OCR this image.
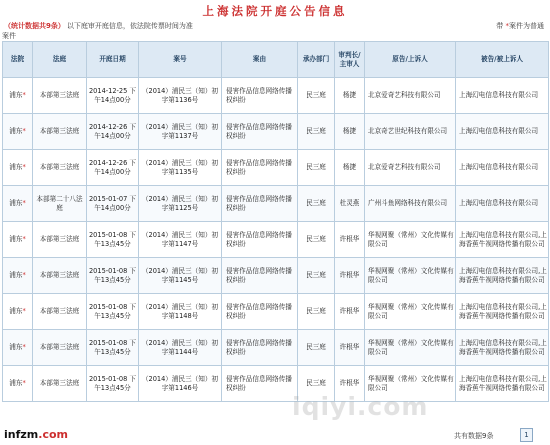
上海法院开庭公告信息
（统计数据共9条） 以下庭审开庭信息，依法院传票时间为准	带 *案件为普通
案件
法院	法庭	开庭日期	案号	案由	承办部门	审判长/主审人	原告/上诉人	被告/被上诉人
浦东*	本部第三法庭	2014-12-25 下午14点00分	（2014）浦民三（知）初字第1136号	侵害作品信息网络传播权纠纷	民三庭	杨捷	北京爱奇艺科技有限公司	上海幻电信息科技有限公司
浦东*	本部第三法庭	2014-12-26 下午14点00分	（2014）浦民三（知）初字第1137号	侵害作品信息网络传播权纠纷	民三庭	杨捷	北京奇艺世纪科技有限公司	上海幻电信息科技有限公司
浦东*	本部第三法庭	2014-12-26 下午14点00分	（2014）浦民三（知）初字第1135号	侵害作品信息网络传播权纠纷	民三庭	杨捷	北京爱奇艺科技有限公司	上海幻电信息科技有限公司
浦东*	本部第二十八法庭	2015-01-07 下午14点00分	（2014）浦民三（知）初字第1125号	侵害作品信息网络传播权纠纷	民三庭	杜灵燕	广州斗鱼网络科技有限公司	上海幻电信息科技有限公司
浦东*	本部第三法庭	2015-01-08 下午13点45分	（2014）浦民三（知）初字第1147号	侵害作品信息网络传播权纠纷	民三庭	许根华	华视网聚（常州）文化传媒有限公司	上海幻电信息科技有限公司,上海香蕉牛视网络传播有限公司
浦东*	本部第三法庭	2015-01-08 下午13点45分	（2014）浦民三（知）初字第1145号	侵害作品信息网络传播权纠纷	民三庭	许根华	华视网聚（常州）文化传媒有限公司	上海幻电信息科技有限公司,上海香蕉牛视网络传播有限公司
浦东*	本部第三法庭	2015-01-08 下午13点45分	（2014）浦民三（知）初字第1148号	侵害作品信息网络传播权纠纷	民三庭	许根华	华视网聚（常州）文化传媒有限公司	上海幻电信息科技有限公司,上海香蕉牛视网络传播有限公司
浦东*	本部第三法庭	2015-01-08 下午13点45分	（2014）浦民三（知）初字第1144号	侵害作品信息网络传播权纠纷	民三庭	许根华	华视网聚（常州）文化传媒有限公司	上海幻电信息科技有限公司,上海香蕉牛视网络传播有限公司
浦东*	本部第三法庭	2015-01-08 下午13点45分	（2014）浦民三（知）初字第1146号	侵害作品信息网络传播权纠纷	民三庭	许根华	华视网聚（常州）文化传媒有限公司	上海幻电信息科技有限公司,上海香蕉牛视网络传播有限公司
iqiyi.com
infzm.com	共有数据9条	1
